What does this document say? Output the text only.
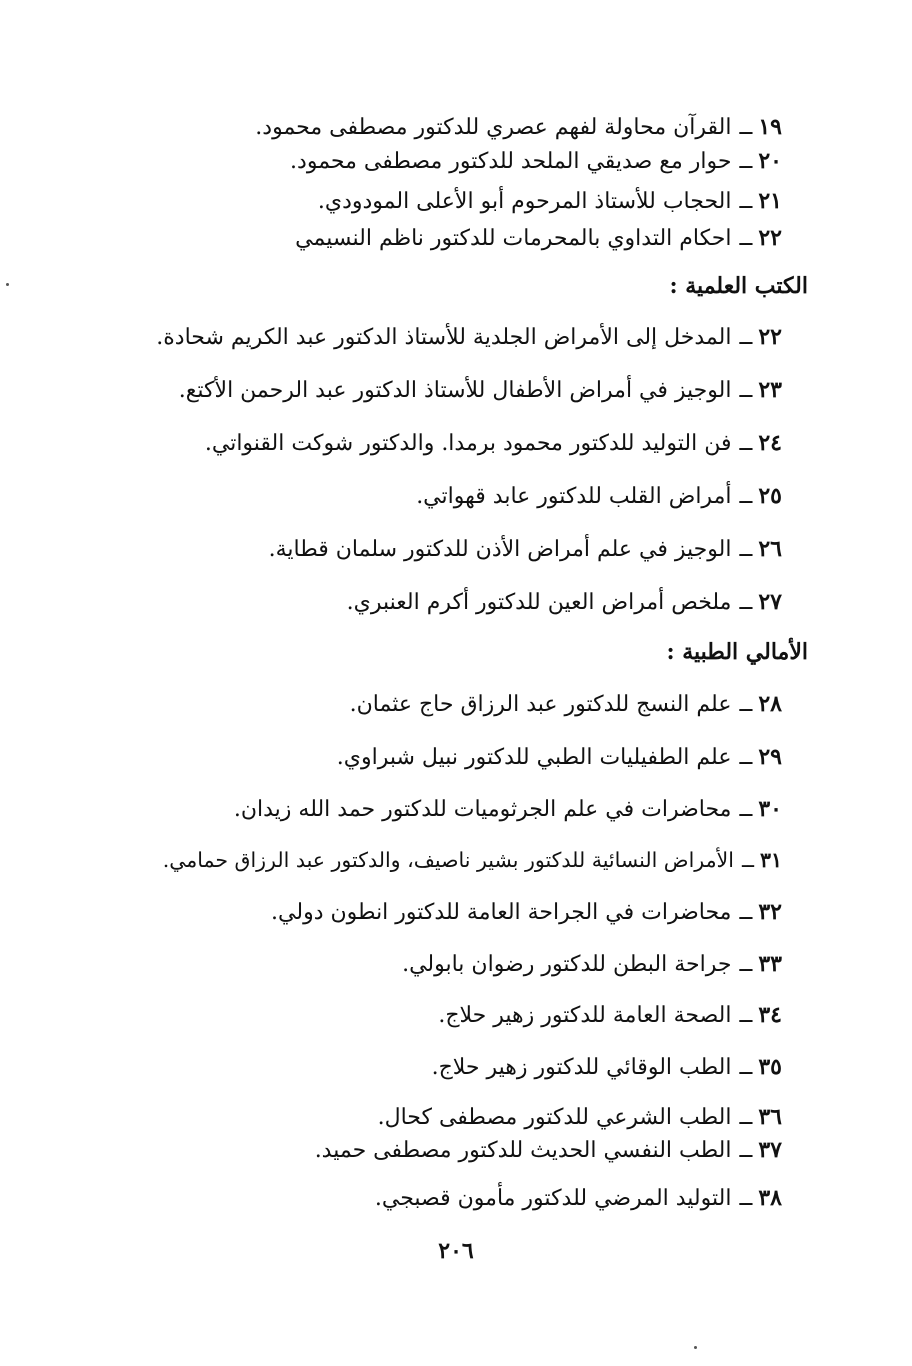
١٩ــالقرآن محاولة لفهم عصري للدكتور مصطفى محمود.
٢٠ــحوار مع صديقي الملحد للدكتور مصطفى محمود.
٢١ــالحجاب للأستاذ المرحوم أبو الأعلى المودودي.
٢٢ــاحكام التداوي بالمحرمات للدكتور ناظم النسيمي
الكتب العلمية :
٢٢ــالمدخل إلى الأمراض الجلدية للأستاذ الدكتور عبد الكريم شحادة.
٢٣ــالوجيز في أمراض الأطفال للأستاذ الدكتور عبد الرحمن الأكتع.
٢٤ــفن التوليد للدكتور محمود برمدا. والدكتور شوكت القنواتي.
٢٥ــأمراض القلب للدكتور عابد قهواتي.
٢٦ــالوجيز في علم أمراض الأذن للدكتور سلمان قطاية.
٢٧ــملخص أمراض العين للدكتور أكرم العنبري.
الأمالي الطبية :
٢٨ــعلم النسج للدكتور عبد الرزاق حاج عثمان.
٢٩ــعلم الطفيليات الطبي للدكتور نبيل شبراوي.
٣٠ــمحاضرات في علم الجرثوميات للدكتور حمد الله زيدان.
٣١ــالأمراض النسائية للدكتور بشير ناصيف، والدكتور عبد الرزاق حمامي.
٣٢ــمحاضرات في الجراحة العامة للدكتور انطون دولي.
٣٣ــجراحة البطن للدكتور رضوان بابولي.
٣٤ــالصحة العامة للدكتور زهير حلاج.
٣٥ــالطب الوقائي للدكتور زهير حلاج.
٣٦ــالطب الشرعي للدكتور مصطفى كحال.
٣٧ــالطب النفسي الحديث للدكتور مصطفى حميد.
٣٨ــالتوليد المرضي للدكتور مأمون قصبجي.
٢٠٦
